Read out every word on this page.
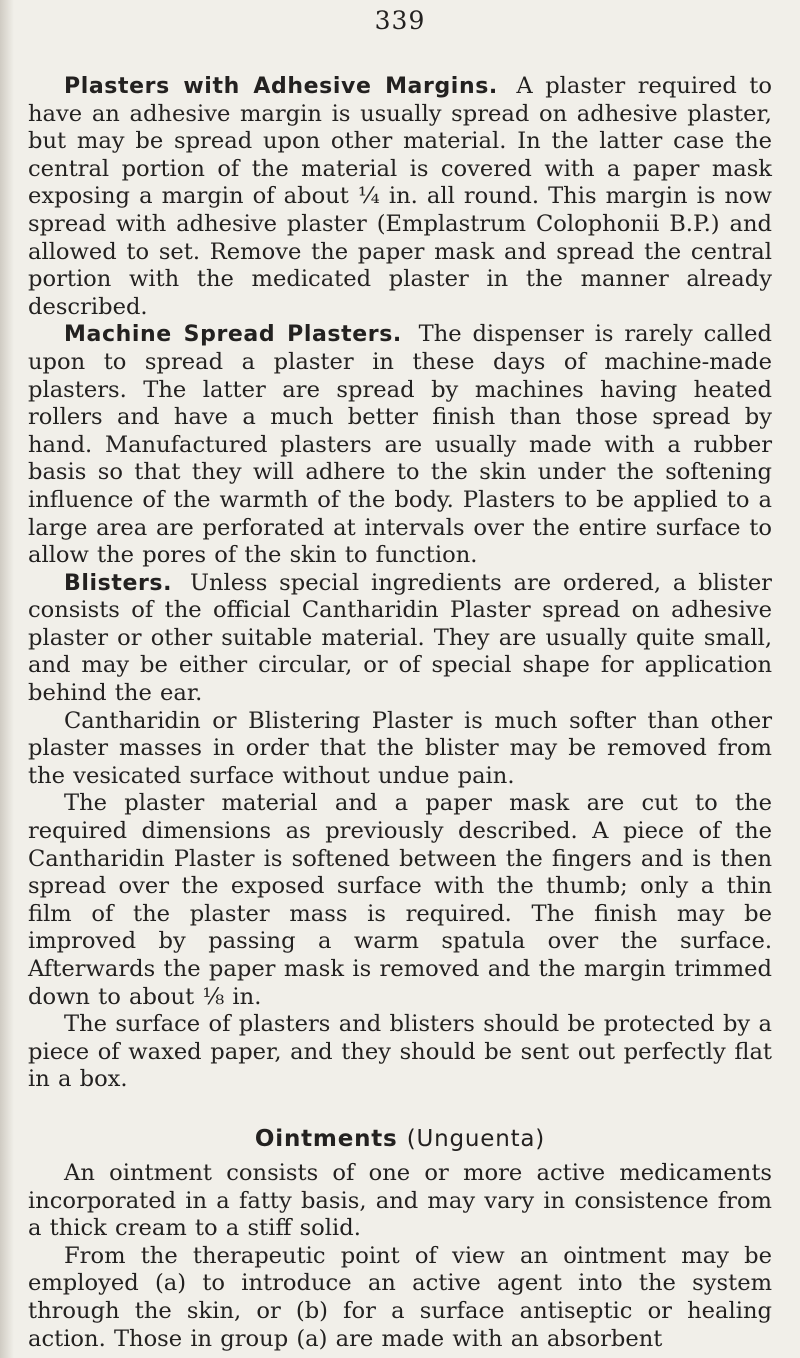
339

Plasters with Adhesive Margins. A plaster required to have an adhesive margin is usually spread on adhesive plaster, but may be spread upon other material. In the latter case the central portion of the material is covered with a paper mask exposing a margin of about ¼ in. all round. This margin is now spread with adhesive plaster (Emplastrum Colophonii B.P.) and allowed to set. Remove the paper mask and spread the central portion with the medicated plaster in the manner already described.

Machine Spread Plasters. The dispenser is rarely called upon to spread a plaster in these days of machine-made plasters. The latter are spread by machines having heated rollers and have a much better finish than those spread by hand. Manufactured plasters are usually made with a rubber basis so that they will adhere to the skin under the softening influence of the warmth of the body. Plasters to be applied to a large area are perforated at intervals over the entire surface to allow the pores of the skin to function.

Blisters. Unless special ingredients are ordered, a blister consists of the official Cantharidin Plaster spread on adhesive plaster or other suitable material. They are usually quite small, and may be either circular, or of special shape for application behind the ear.

Cantharidin or Blistering Plaster is much softer than other plaster masses in order that the blister may be removed from the vesicated surface without undue pain.

The plaster material and a paper mask are cut to the required dimensions as previously described. A piece of the Cantharidin Plaster is softened between the fingers and is then spread over the exposed surface with the thumb; only a thin film of the plaster mass is required. The finish may be improved by passing a warm spatula over the surface. Afterwards the paper mask is removed and the margin trimmed down to about ⅛ in.

The surface of plasters and blisters should be protected by a piece of waxed paper, and they should be sent out perfectly flat in a box.

Ointments (Unguenta)

An ointment consists of one or more active medicaments incorporated in a fatty basis, and may vary in consistence from a thick cream to a stiff solid.

From the therapeutic point of view an ointment may be employed (a) to introduce an active agent into the system through the skin, or (b) for a surface antiseptic or healing action. Those in group (a) are made with an absorbent
